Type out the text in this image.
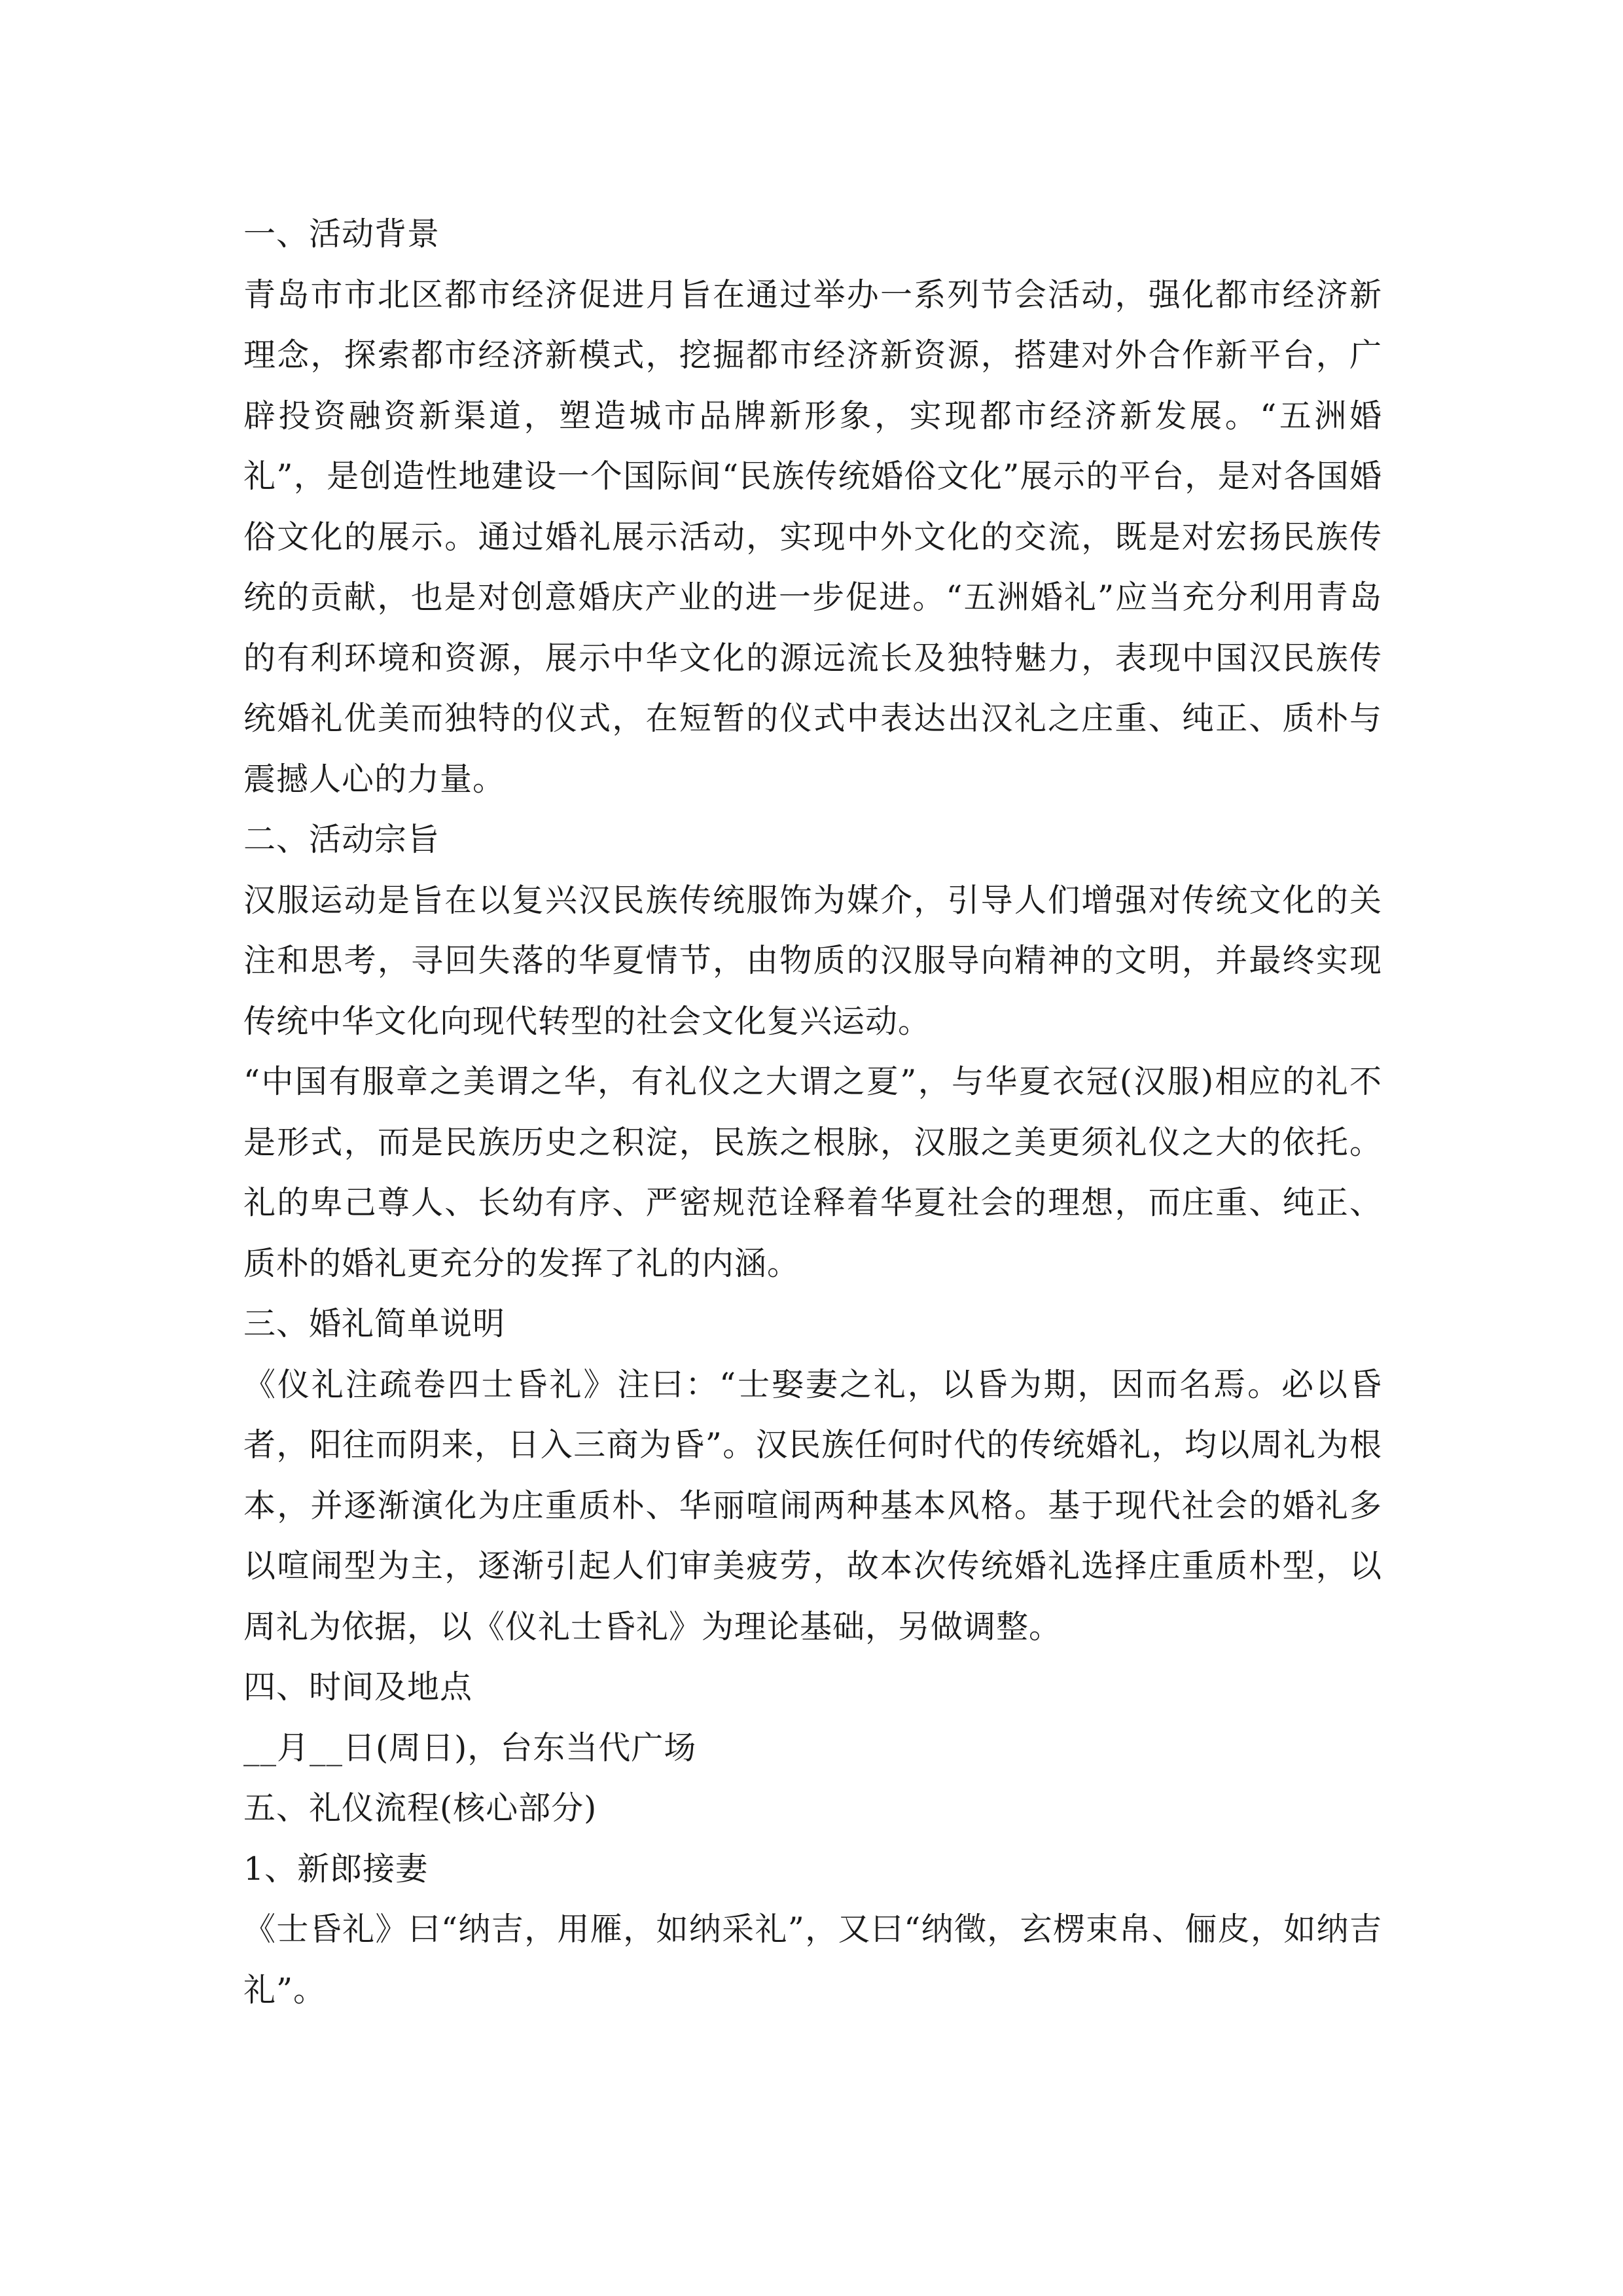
一、活动背景

青岛市市北区都市经济促进月旨在通过举办一系列节会活动，强化都市经济新理念，探索都市经济新模式，挖掘都市经济新资源，搭建对外合作新平台，广辟投资融资新渠道，塑造城市品牌新形象，实现都市经济新发展。“五洲婚礼”，是创造性地建设一个国际间“民族传统婚俗文化”展示的平台，是对各国婚俗文化的展示。通过婚礼展示活动，实现中外文化的交流，既是对宏扬民族传统的贡献，也是对创意婚庆产业的进一步促进。“五洲婚礼”应当充分利用青岛的有利环境和资源，展示中华文化的源远流长及独特魅力，表现中国汉民族传统婚礼优美而独特的仪式，在短暂的仪式中表达出汉礼之庄重、纯正、质朴与震撼人心的力量。

二、活动宗旨

汉服运动是旨在以复兴汉民族传统服饰为媒介，引导人们增强对传统文化的关注和思考，寻回失落的华夏情节，由物质的汉服导向精神的文明，并最终实现传统中华文化向现代转型的社会文化复兴运动。

“中国有服章之美谓之华，有礼仪之大谓之夏”，与华夏衣冠(汉服)相应的礼不是形式，而是民族历史之积淀，民族之根脉，汉服之美更须礼仪之大的依托。礼的卑己尊人、长幼有序、严密规范诠释着华夏社会的理想，而庄重、纯正、质朴的婚礼更充分的发挥了礼的内涵。

三、婚礼简单说明

《仪礼注疏卷四士昏礼》注曰：“士娶妻之礼，以昏为期，因而名焉。必以昏者，阳往而阴来，日入三商为昏”。汉民族任何时代的传统婚礼，均以周礼为根本，并逐渐演化为庄重质朴、华丽喧闹两种基本风格。基于现代社会的婚礼多以喧闹型为主，逐渐引起人们审美疲劳，故本次传统婚礼选择庄重质朴型，以周礼为依据，以《仪礼士昏礼》为理论基础，另做调整。

四、时间及地点

__月__日(周日)，台东当代广场

五、礼仪流程(核心部分)
1、新郎接妻

《士昏礼》曰“纳吉，用雁，如纳采礼”，又曰“纳徵，玄楞束帛、俪皮，如纳吉礼”。
